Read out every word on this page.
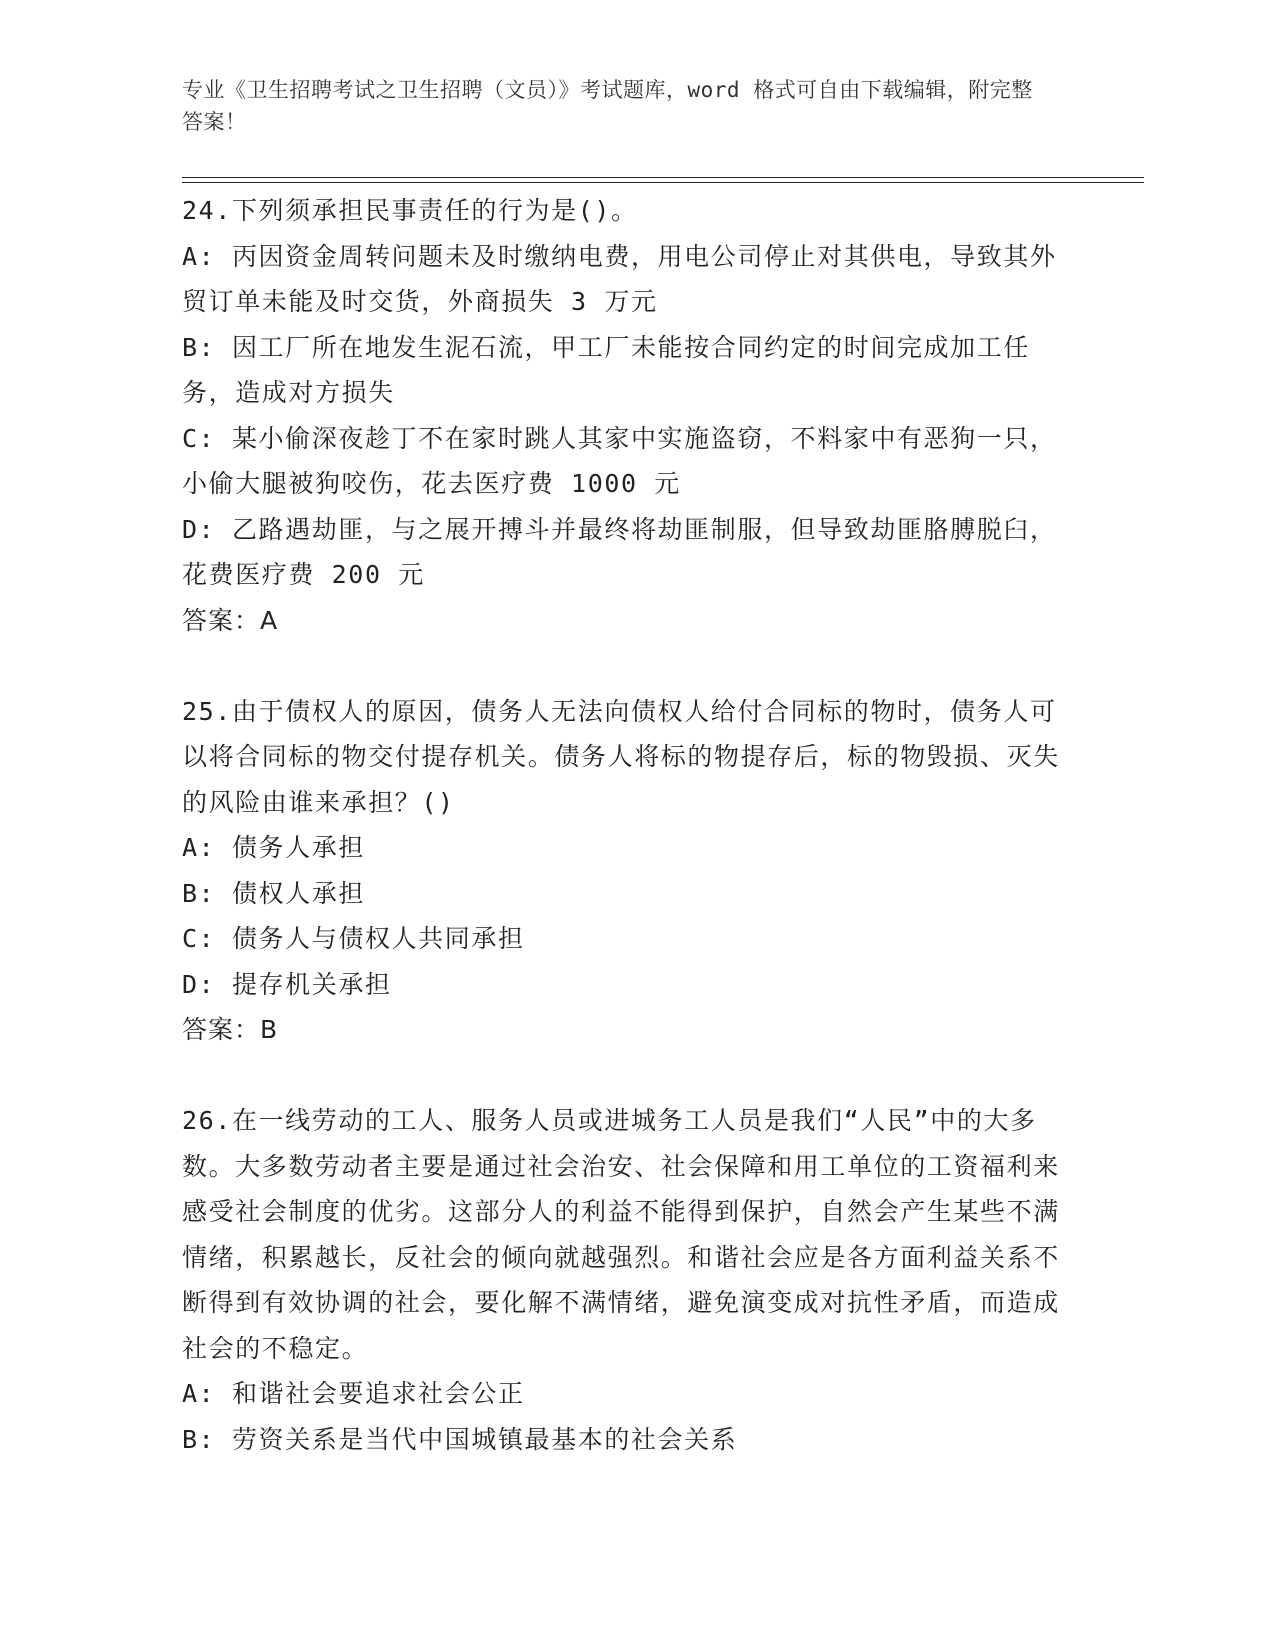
专业《卫生招聘考试之卫生招聘（文员）》考试题库，word 格式可自由下载编辑，附完整答案！

24.下列须承担民事责任的行为是()。

A: 丙因资金周转问题未及时缴纳电费，用电公司停止对其供电，导致其外贸订单未能及时交货，外商损失 3 万元

B: 因工厂所在地发生泥石流，甲工厂未能按合同约定的时间完成加工任务，造成对方损失

C: 某小偷深夜趁丁不在家时跳人其家中实施盗窃，不料家中有恶狗一只，小偷大腿被狗咬伤，花去医疗费 1000 元

D: 乙路遇劫匪，与之展开搏斗并最终将劫匪制服，但导致劫匪胳膊脱臼，花费医疗费 200 元

答案：A

25.由于债权人的原因，债务人无法向债权人给付合同标的物时，债务人可以将合同标的物交付提存机关。债务人将标的物提存后，标的物毁损、灭失的风险由谁来承担？()

A: 债务人承担

B: 债权人承担

C: 债务人与债权人共同承担

D: 提存机关承担

答案：B

26.在一线劳动的工人、服务人员或进城务工人员是我们“人民”中的大多数。大多数劳动者主要是通过社会治安、社会保障和用工单位的工资福利来感受社会制度的优劣。这部分人的利益不能得到保护，自然会产生某些不满情绪，积累越长，反社会的倾向就越强烈。和谐社会应是各方面利益关系不断得到有效协调的社会，要化解不满情绪，避免演变成对抗性矛盾，而造成社会的不稳定。

A: 和谐社会要追求社会公正

B: 劳资关系是当代中国城镇最基本的社会关系
